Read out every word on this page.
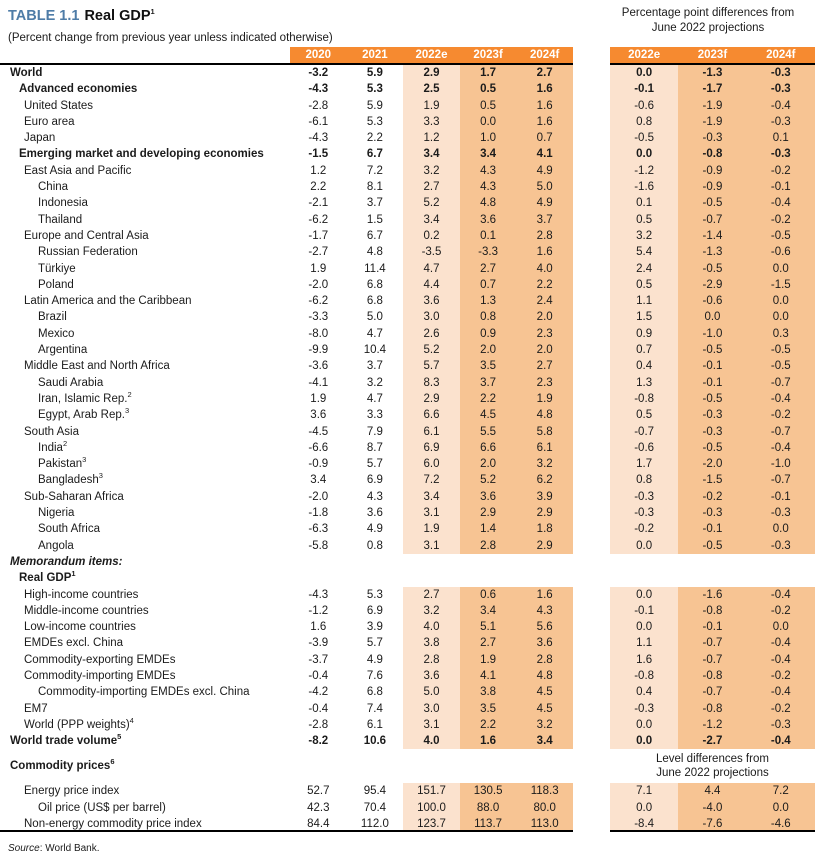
TABLE 1.1 Real GDP$^1$
(Percent change from previous year unless indicated otherwise)
Percentage point differences from
June 2022 projections
2020	2021	2022e	2023f	2024f	2022e	2023f	2024f
World	-3.2	5.9	2.9	1.7	2.7	0.0	-1.3	-0.3
Advanced economies	-4.3	5.3	2.5	0.5	1.6	-0.1	-1.7	-0.3
United States	-2.8	5.9	1.9	0.5	1.6	-0.6	-1.9	-0.4
Euro area	-6.1	5.3	3.3	0.0	1.6	0.8	-1.9	-0.3
Japan	-4.3	2.2	1.2	1.0	0.7	-0.5	-0.3	0.1
Emerging market and developing economies	-1.5	6.7	3.4	3.4	4.1	0.0	-0.8	-0.3
East Asia and Pacific	1.2	7.2	3.2	4.3	4.9	-1.2	-0.9	-0.2
China	2.2	8.1	2.7	4.3	5.0	-1.6	-0.9	-0.1
Indonesia	-2.1	3.7	5.2	4.8	4.9	0.1	-0.5	-0.4
Thailand	-6.2	1.5	3.4	3.6	3.7	0.5	-0.7	-0.2
Europe and Central Asia	-1.7	6.7	0.2	0.1	2.8	3.2	-1.4	-0.5
Russian Federation	-2.7	4.8	-3.5	-3.3	1.6	5.4	-1.3	-0.6
Türkiye	1.9	11.4	4.7	2.7	4.0	2.4	-0.5	0.0
Poland	-2.0	6.8	4.4	0.7	2.2	0.5	-2.9	-1.5
Latin America and the Caribbean	-6.2	6.8	3.6	1.3	2.4	1.1	-0.6	0.0
Brazil	-3.3	5.0	3.0	0.8	2.0	1.5	0.0	0.0
Mexico	-8.0	4.7	2.6	0.9	2.3	0.9	-1.0	0.3
Argentina	-9.9	10.4	5.2	2.0	2.0	0.7	-0.5	-0.5
Middle East and North Africa	-3.6	3.7	5.7	3.5	2.7	0.4	-0.1	-0.5
Saudi Arabia	-4.1	3.2	8.3	3.7	2.3	1.3	-0.1	-0.7
Iran, Islamic Rep.$^2$	1.9	4.7	2.9	2.2	1.9	-0.8	-0.5	-0.4
Egypt, Arab Rep.$^3$	3.6	3.3	6.6	4.5	4.8	0.5	-0.3	-0.2
South Asia	-4.5	7.9	6.1	5.5	5.8	-0.7	-0.3	-0.7
India$^2$	-6.6	8.7	6.9	6.6	6.1	-0.6	-0.5	-0.4
Pakistan$^3$	-0.9	5.7	6.0	2.0	3.2	1.7	-2.0	-1.0
Bangladesh$^3$	3.4	6.9	7.2	5.2	6.2	0.8	-1.5	-0.7
Sub-Saharan Africa	-2.0	4.3	3.4	3.6	3.9	-0.3	-0.2	-0.1
Nigeria	-1.8	3.6	3.1	2.9	2.9	-0.3	-0.3	-0.3
South Africa	-6.3	4.9	1.9	1.4	1.8	-0.2	-0.1	0.0
Angola	-5.8	0.8	3.1	2.8	2.9	0.0	-0.5	-0.3
Memorandum items:
Real GDP$^1$
High-income countries	-4.3	5.3	2.7	0.6	1.6	0.0	-1.6	-0.4
Middle-income countries	-1.2	6.9	3.2	3.4	4.3	-0.1	-0.8	-0.2
Low-income countries	1.6	3.9	4.0	5.1	5.6	0.0	-0.1	0.0
EMDEs excl. China	-3.9	5.7	3.8	2.7	3.6	1.1	-0.7	-0.4
Commodity-exporting EMDEs	-3.7	4.9	2.8	1.9	2.8	1.6	-0.7	-0.4
Commodity-importing EMDEs	-0.4	7.6	3.6	4.1	4.8	-0.8	-0.8	-0.2
Commodity-importing EMDEs excl. China	-4.2	6.8	5.0	3.8	4.5	0.4	-0.7	-0.4
EM7	-0.4	7.4	3.0	3.5	4.5	-0.3	-0.8	-0.2
World (PPP weights)$^4$	-2.8	6.1	3.1	2.2	3.2	0.0	-1.2	-0.3
World trade volume$^5$	-8.2	10.6	4.0	1.6	3.4	0.0	-2.7	-0.4
Commodity prices$^6$	Level differences from
June 2022 projections
Energy price index	52.7	95.4	151.7	130.5	118.3	7.1	4.4	7.2
Oil price (US$ per barrel)	42.3	70.4	100.0	88.0	80.0	0.0	-4.0	0.0
Non-energy commodity price index	84.4	112.0	123.7	113.7	113.0	-8.4	-7.6	-4.6
Source: World Bank.
